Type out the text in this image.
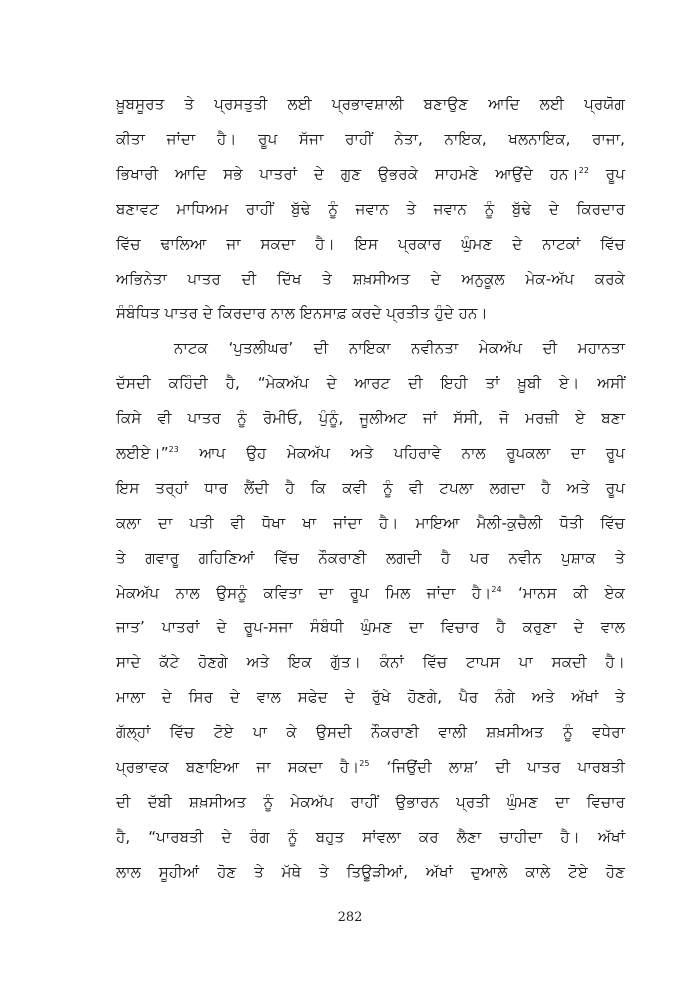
ਖ਼ੂਬਸੂਰਤ ਤੇ ਪ੍ਰਸਤੁਤੀ ਲਈ ਪ੍ਰਭਾਵਸ਼ਾਲੀ ਬਣਾਉਣ ਆਦਿ ਲਈ ਪ੍ਰਯੋਗ
ਕੀਤਾ ਜਾਂਦਾ ਹੈ। ਰੂਪ ਸੱਜਾ ਰਾਹੀਂ ਨੇਤਾ, ਨਾਇਕ, ਖਲਨਾਇਕ, ਰਾਜਾ,
ਭਿਖਾਰੀ ਆਦਿ ਸਭੇ ਪਾਤਰਾਂ ਦੇ ਗੁਣ ਉਭਰਕੇ ਸਾਹਮਣੇ ਆਉਂਦੇ ਹਨ।$^{22}$ ਰੂਪ
ਬਣਾਵਟ ਮਾਧਿਅਮ ਰਾਹੀਂ ਬੁੱਢੇ ਨੂੰ ਜਵਾਨ ਤੇ ਜਵਾਨ ਨੂੰ ਬੁੱਢੇ ਦੇ ਕਿਰਦਾਰ
ਵਿੱਚ ਢਾਲਿਆ ਜਾ ਸਕਦਾ ਹੈ। ਇਸ ਪ੍ਰਕਾਰ ਘੁੰਮਣ ਦੇ ਨਾਟਕਾਂ ਵਿੱਚ
ਅਭਿਨੇਤਾ ਪਾਤਰ ਦੀ ਦਿੱਖ ਤੇ ਸ਼ਖ਼ਸੀਅਤ ਦੇ ਅਨੁਕੂਲ ਮੇਕ-ਅੱਪ ਕਰਕੇ
ਸੰਬੰਧਿਤ ਪਾਤਰ ਦੇ ਕਿਰਦਾਰ ਨਾਲ ਇਨਸਾਫ਼ ਕਰਦੇ ਪ੍ਰਤੀਤ ਹੁੰਦੇ ਹਨ।
ਨਾਟਕ ‘ਪੁਤਲੀਘਰ’ ਦੀ ਨਾਇਕਾ ਨਵੀਨਤਾ ਮੇਕਅੱਪ ਦੀ ਮਹਾਨਤਾ
ਦੱਸਦੀ ਕਹਿੰਦੀ ਹੈ, “ਮੇਕਅੱਪ ਦੇ ਆਰਟ ਦੀ ਇਹੀ ਤਾਂ ਖ਼ੂਬੀ ਏ। ਅਸੀਂ
ਕਿਸੇ ਵੀ ਪਾਤਰ ਨੂੰ ਰੋਮੀਓ, ਪੁੰਨੂੰ, ਜੂਲੀਅਟ ਜਾਂ ਸੱਸੀ, ਜੋ ਮਰਜ਼ੀ ਏ ਬਣਾ
ਲਈਏ।”$^{23}$ ਆਪ ਉਹ ਮੇਕਅੱਪ ਅਤੇ ਪਹਿਰਾਵੇ ਨਾਲ ਰੂਪਕਲਾ ਦਾ ਰੂਪ
ਇਸ ਤਰ੍ਹਾਂ ਧਾਰ ਲੈਂਦੀ ਹੈ ਕਿ ਕਵੀ ਨੂੰ ਵੀ ਟਪਲਾ ਲਗਦਾ ਹੈ ਅਤੇ ਰੂਪ
ਕਲਾ ਦਾ ਪਤੀ ਵੀ ਧੋਖਾ ਖਾ ਜਾਂਦਾ ਹੈ। ਮਾਇਆ ਮੈਲੀ-ਕੁਚੈਲੀ ਧੋਤੀ ਵਿੱਚ
ਤੇ ਗਵਾਰੂ ਗਹਿਣਿਆਂ ਵਿੱਚ ਨੌਕਰਾਣੀ ਲਗਦੀ ਹੈ ਪਰ ਨਵੀਨ ਪੁਸ਼ਾਕ ਤੇ
ਮੇਕਅੱਪ ਨਾਲ ਉਸਨੂੰ ਕਵਿਤਾ ਦਾ ਰੂਪ ਮਿਲ ਜਾਂਦਾ ਹੈ।$^{24}$ ‘ਮਾਨਸ ਕੀ ਏਕ
ਜਾਤ’ ਪਾਤਰਾਂ ਦੇ ਰੂਪ-ਸਜਾ ਸੰਬੰਧੀ ਘੁੰਮਣ ਦਾ ਵਿਚਾਰ ਹੈ ਕਰੁਣਾ ਦੇ ਵਾਲ
ਸਾਦੇ ਕੱਟੇ ਹੋਣਗੇ ਅਤੇ ਇਕ ਗੁੱਤ। ਕੰਨਾਂ ਵਿੱਚ ਟਾਪਸ ਪਾ ਸਕਦੀ ਹੈ।
ਮਾਲਾ ਦੇ ਸਿਰ ਦੇ ਵਾਲ ਸਫੇਦ ਦੇ ਰੁੱਖੇ ਹੋਣਗੇ, ਪੈਰ ਨੰਗੇ ਅਤੇ ਅੱਖਾਂ ਤੇ
ਗੱਲ੍ਹਾਂ ਵਿੱਚ ਟੋਏ ਪਾ ਕੇ ਉਸਦੀ ਨੌਕਰਾਣੀ ਵਾਲੀ ਸ਼ਖ਼ਸੀਅਤ ਨੂੰ ਵਧੇਰਾ
ਪ੍ਰਭਾਵਕ ਬਣਾਇਆ ਜਾ ਸਕਦਾ ਹੈ।$^{25}$ ‘ਜਿਉਂਦੀ ਲਾਸ਼’ ਦੀ ਪਾਤਰ ਪਾਰਬਤੀ
ਦੀ ਦੱਬੀ ਸ਼ਖ਼ਸੀਅਤ ਨੂੰ ਮੇਕਅੱਪ ਰਾਹੀਂ ਉਭਾਰਨ ਪ੍ਰਤੀ ਘੁੰਮਣ ਦਾ ਵਿਚਾਰ
ਹੈ, “ਪਾਰਬਤੀ ਦੇ ਰੰਗ ਨੂੰ ਬਹੁਤ ਸਾਂਵਲਾ ਕਰ ਲੈਣਾ ਚਾਹੀਦਾ ਹੈ। ਅੱਖਾਂ
ਲਾਲ ਸੂਹੀਆਂ ਹੋਣ ਤੇ ਮੱਥੇ ਤੇ ਤਿਊੜੀਆਂ, ਅੱਖਾਂ ਦੁਆਲੇ ਕਾਲੇ ਟੋਏ ਹੋਣ
282
